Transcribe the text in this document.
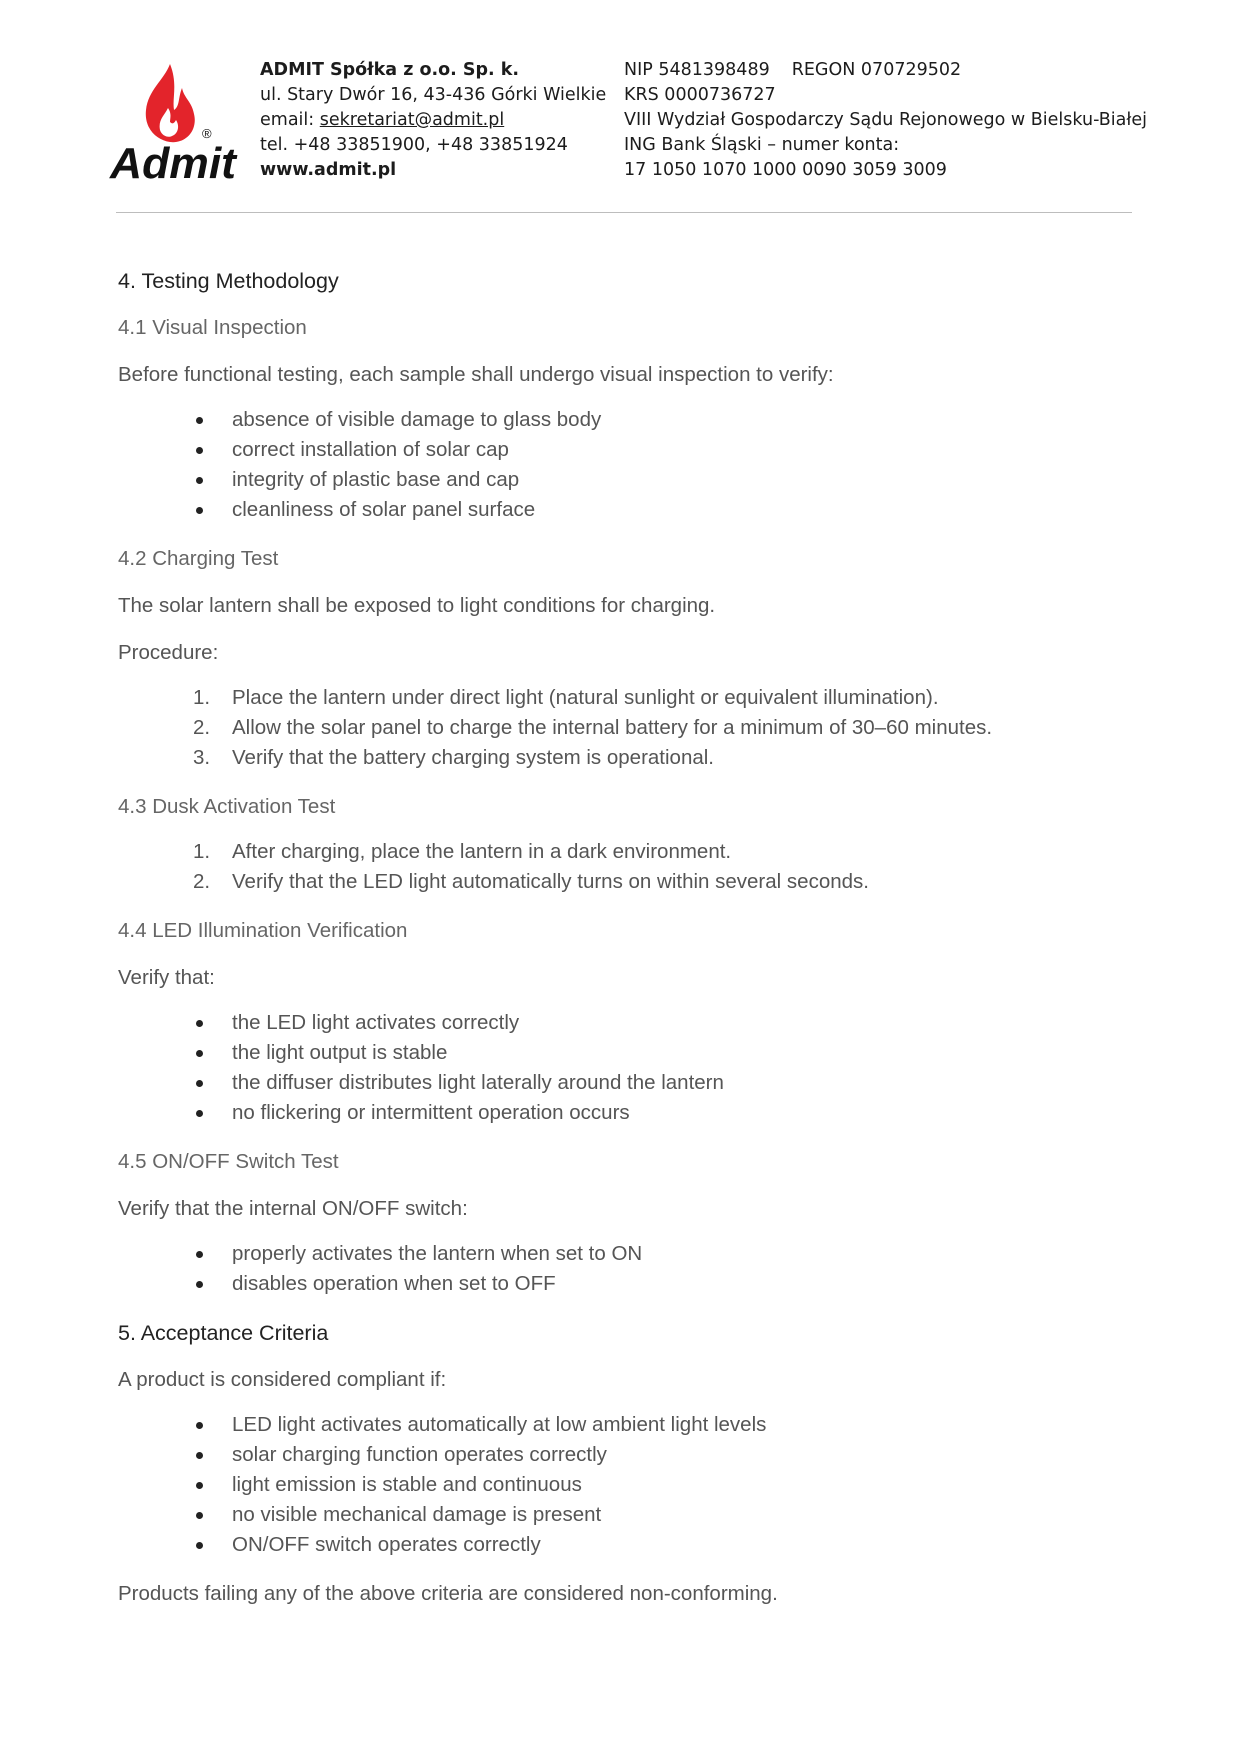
®
Admit
ADMIT Spółka z o.o. Sp. k.
ul. Stary Dwór 16, 43-436 Górki Wielkie
email: sekretariat@admit.pl
tel. +48 33851900, +48 33851924
www.admit.pl
NIP 5481398489 REGON 070729502
KRS 0000736727
VIII Wydział Gospodarczy Sądu Rejonowego w Bielsku-Białej
ING Bank Śląski – numer konta:
17 1050 1070 1000 0090 3059 3009

4. Testing Methodology

4.1 Visual Inspection

Before functional testing, each sample shall undergo visual inspection to verify:

absence of visible damage to glass body
correct installation of solar cap
integrity of plastic base and cap
cleanliness of solar panel surface

4.2 Charging Test

The solar lantern shall be exposed to light conditions for charging.

Procedure:

1. Place the lantern under direct light (natural sunlight or equivalent illumination).
2. Allow the solar panel to charge the internal battery for a minimum of 30–60 minutes.
3. Verify that the battery charging system is operational.

4.3 Dusk Activation Test

1. After charging, place the lantern in a dark environment.
2. Verify that the LED light automatically turns on within several seconds.

4.4 LED Illumination Verification

Verify that:

the LED light activates correctly
the light output is stable
the diffuser distributes light laterally around the lantern
no flickering or intermittent operation occurs

4.5 ON/OFF Switch Test

Verify that the internal ON/OFF switch:

properly activates the lantern when set to ON
disables operation when set to OFF

5. Acceptance Criteria

A product is considered compliant if:

LED light activates automatically at low ambient light levels
solar charging function operates correctly
light emission is stable and continuous
no visible mechanical damage is present
ON/OFF switch operates correctly

Products failing any of the above criteria are considered non-conforming.
